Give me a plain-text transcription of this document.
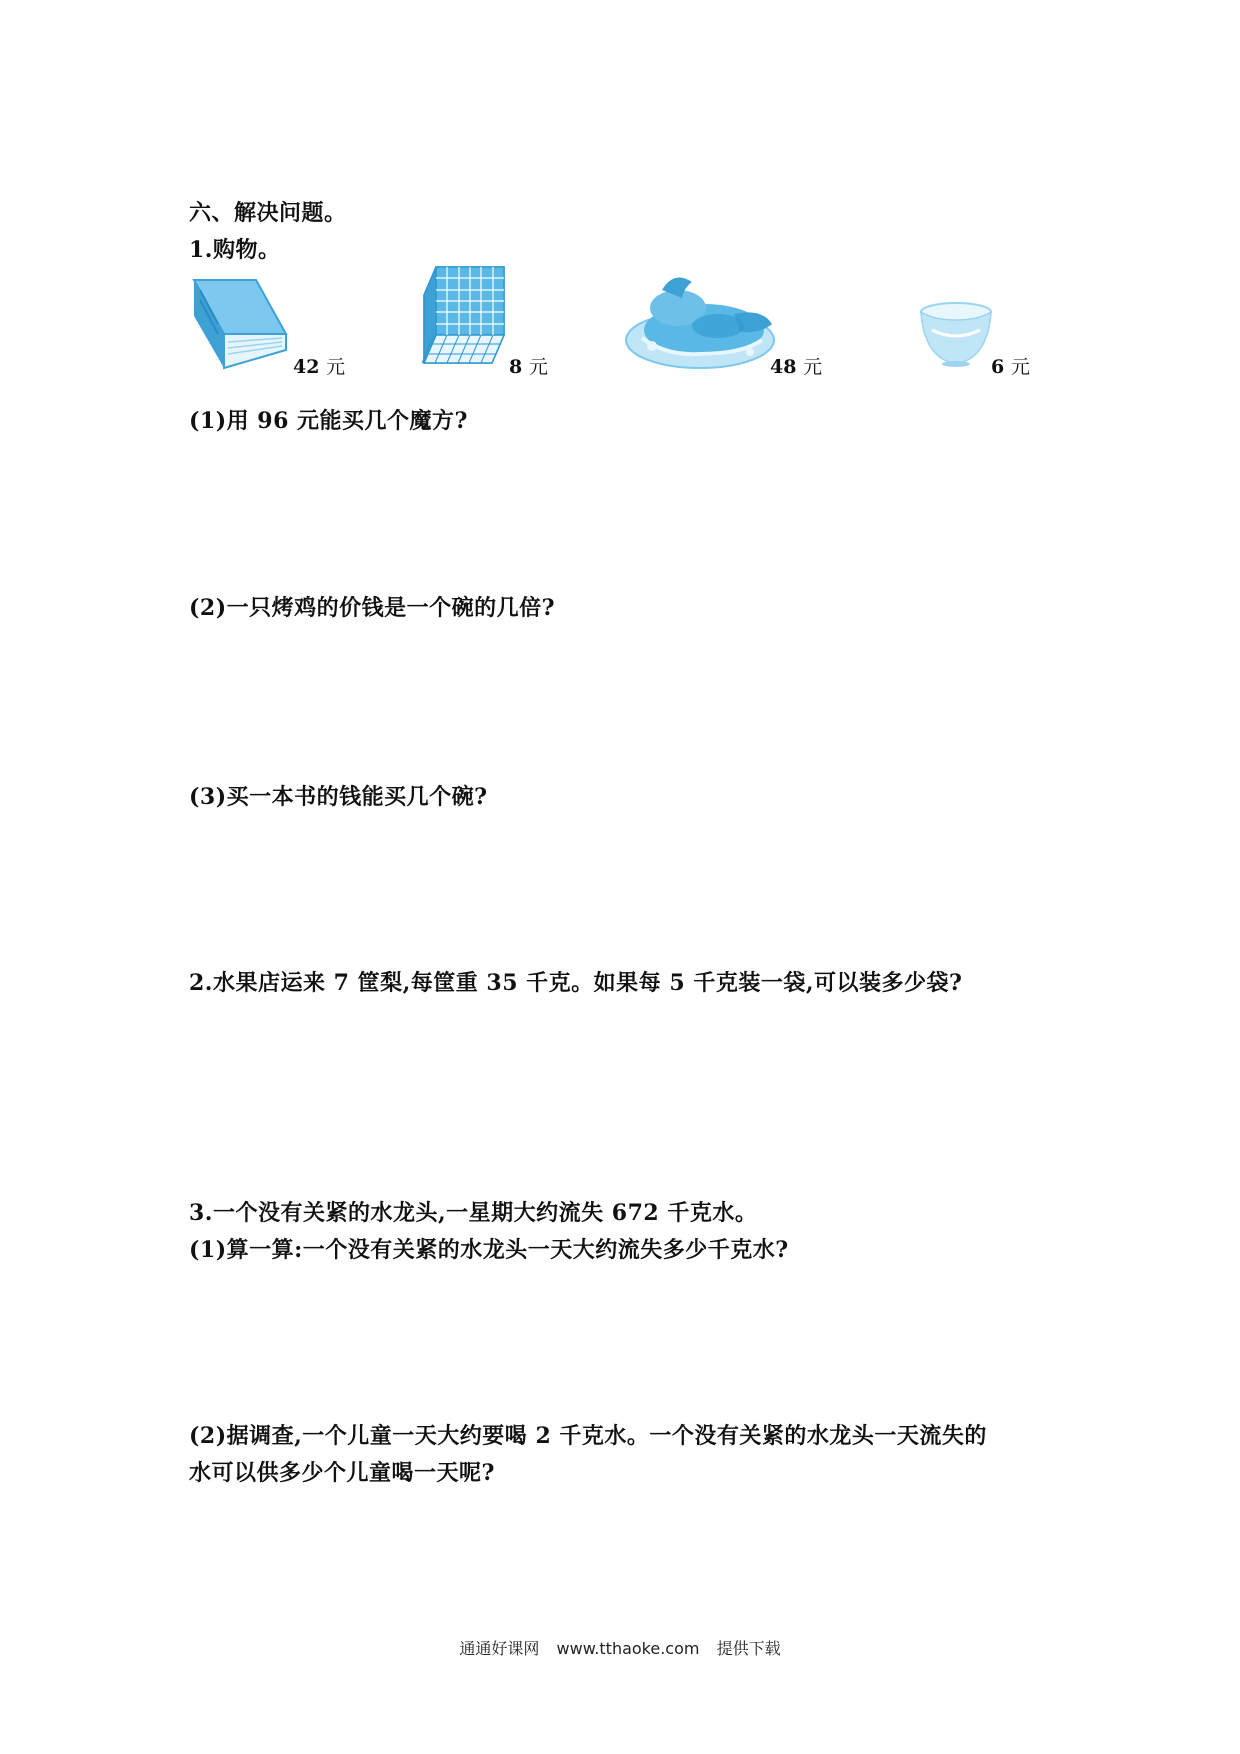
六、解决问题。
1.购物。
42 元	8 元	48 元	6 元
(1)用 96 元能买几个魔方?
(2)一只烤鸡的价钱是一个碗的几倍?
(3)买一本书的钱能买几个碗?
2.水果店运来 7 筐梨,每筐重 35 千克。如果每 5 千克装一袋,可以装多少袋?
3.一个没有关紧的水龙头,一星期大约流失 672 千克水。
(1)算一算:一个没有关紧的水龙头一天大约流失多少千克水?
(2)据调查,一个儿童一天大约要喝 2 千克水。一个没有关紧的水龙头一天流失的
水可以供多少个儿童喝一天呢?
通通好课网 www.tthaoke.com 提供下载
